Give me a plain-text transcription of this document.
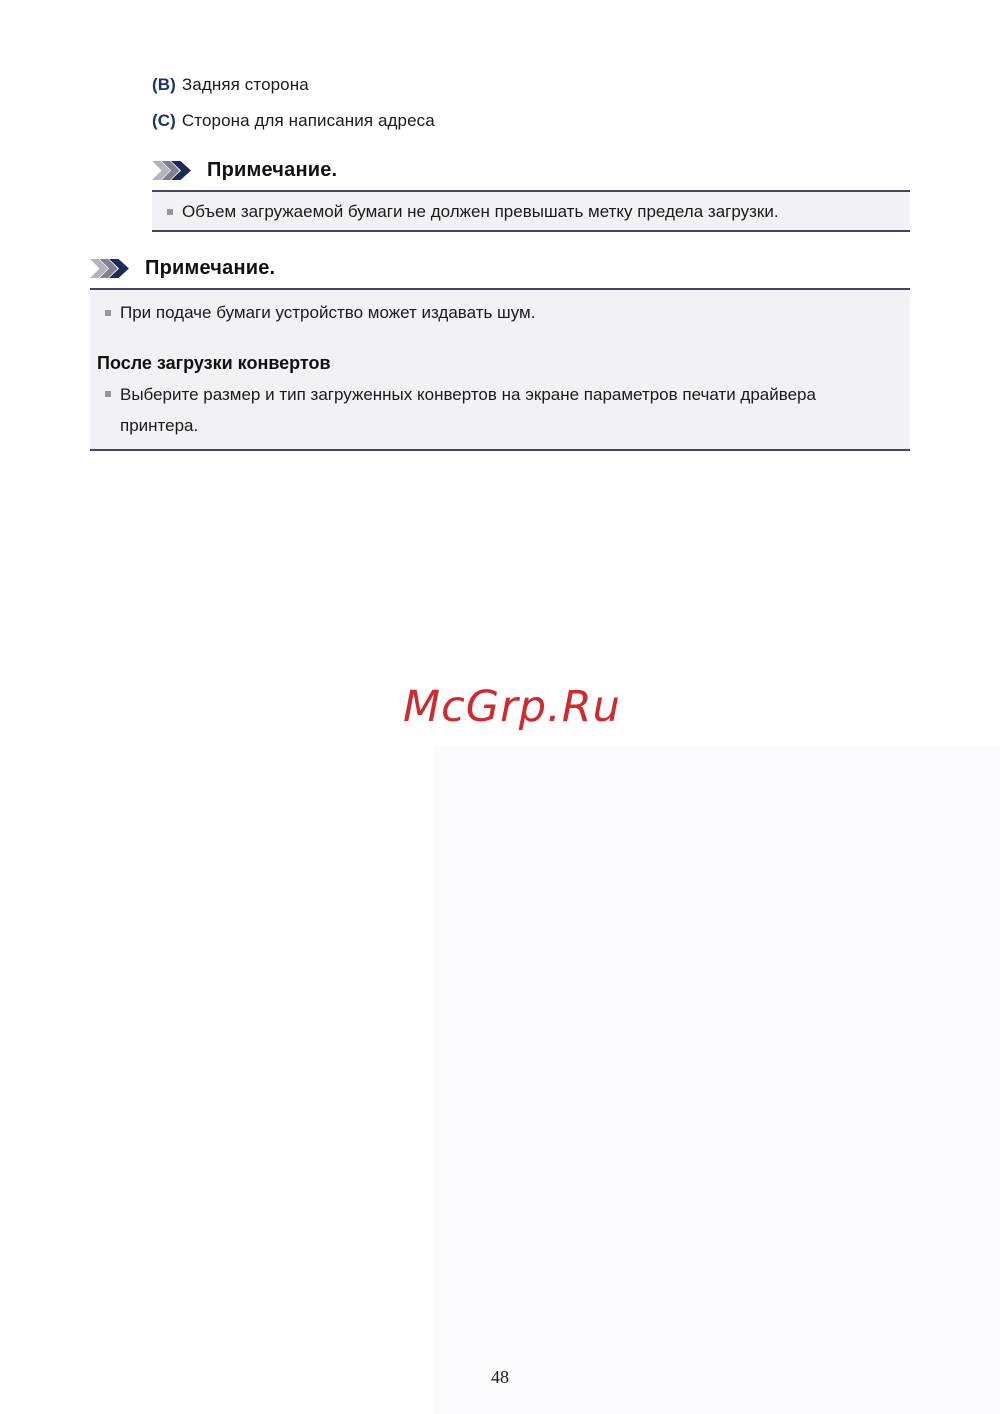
(B) Задняя сторона
(C) Сторона для написания адреса
Примечание.
Объем загружаемой бумаги не должен превышать метку предела загрузки.
Примечание.
При подаче бумаги устройство может издавать шум.
После загрузки конвертов
Выберите размер и тип загруженных конвертов на экране параметров печати драйвера принтера.
McGrp.Ru
48
